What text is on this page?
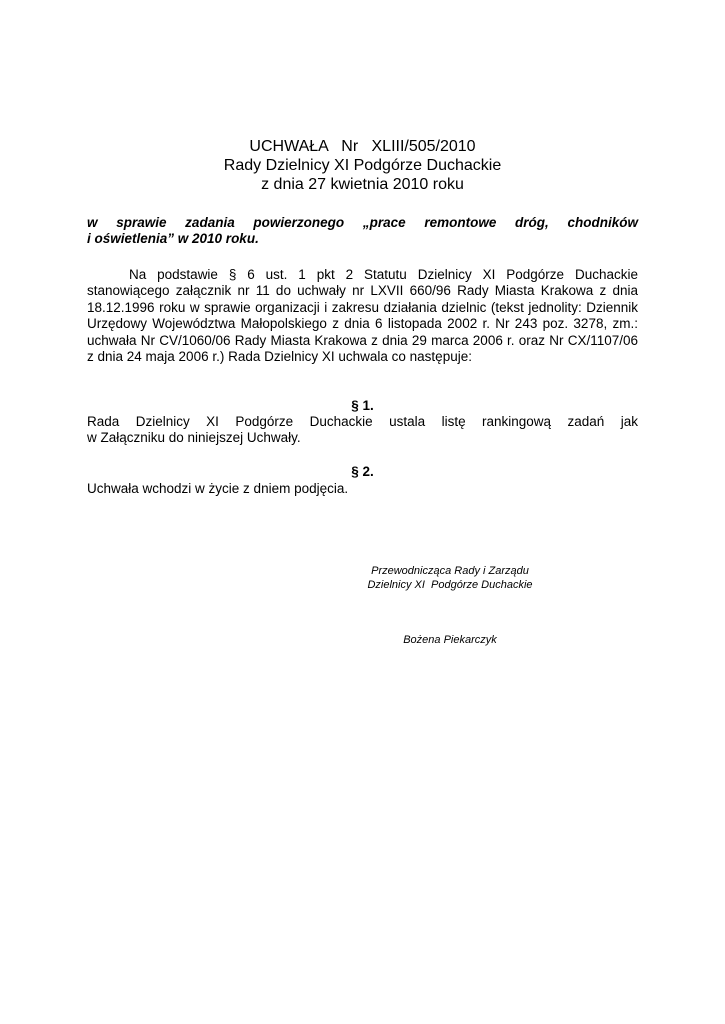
UCHWAŁA   Nr   XLIII/505/2010
Rady Dzielnicy XI Podgórze Duchackie
z dnia 27 kwietnia 2010 roku
w sprawie zadania powierzonego „prace remontowe dróg, chodników
i oświetlenia” w 2010 roku.
Na podstawie § 6 ust. 1 pkt 2 Statutu Dzielnicy XI Podgórze Duchackie stanowiącego załącznik nr 11 do uchwały nr LXVII 660/96 Rady Miasta Krakowa z dnia 18.12.1996 roku w sprawie organizacji i zakresu działania dzielnic (tekst jednolity: Dziennik Urzędowy Województwa Małopolskiego z dnia 6 listopada 2002 r. Nr 243 poz. 3278, zm.: uchwała Nr CV/1060/06 Rady Miasta Krakowa z dnia 29 marca 2006 r. oraz Nr CX/1107/06 z dnia 24 maja 2006 r.) Rada Dzielnicy XI uchwala co następuje:
§ 1.
Rada Dzielnicy XI Podgórze Duchackie ustala listę rankingową zadań jak
w Załączniku do niniejszej Uchwały.
§ 2.
Uchwała wchodzi w życie z dniem podjęcia.
Przewodnicząca Rady i Zarządu
Dzielnicy XI  Podgórze Duchackie
Bożena Piekarczyk
